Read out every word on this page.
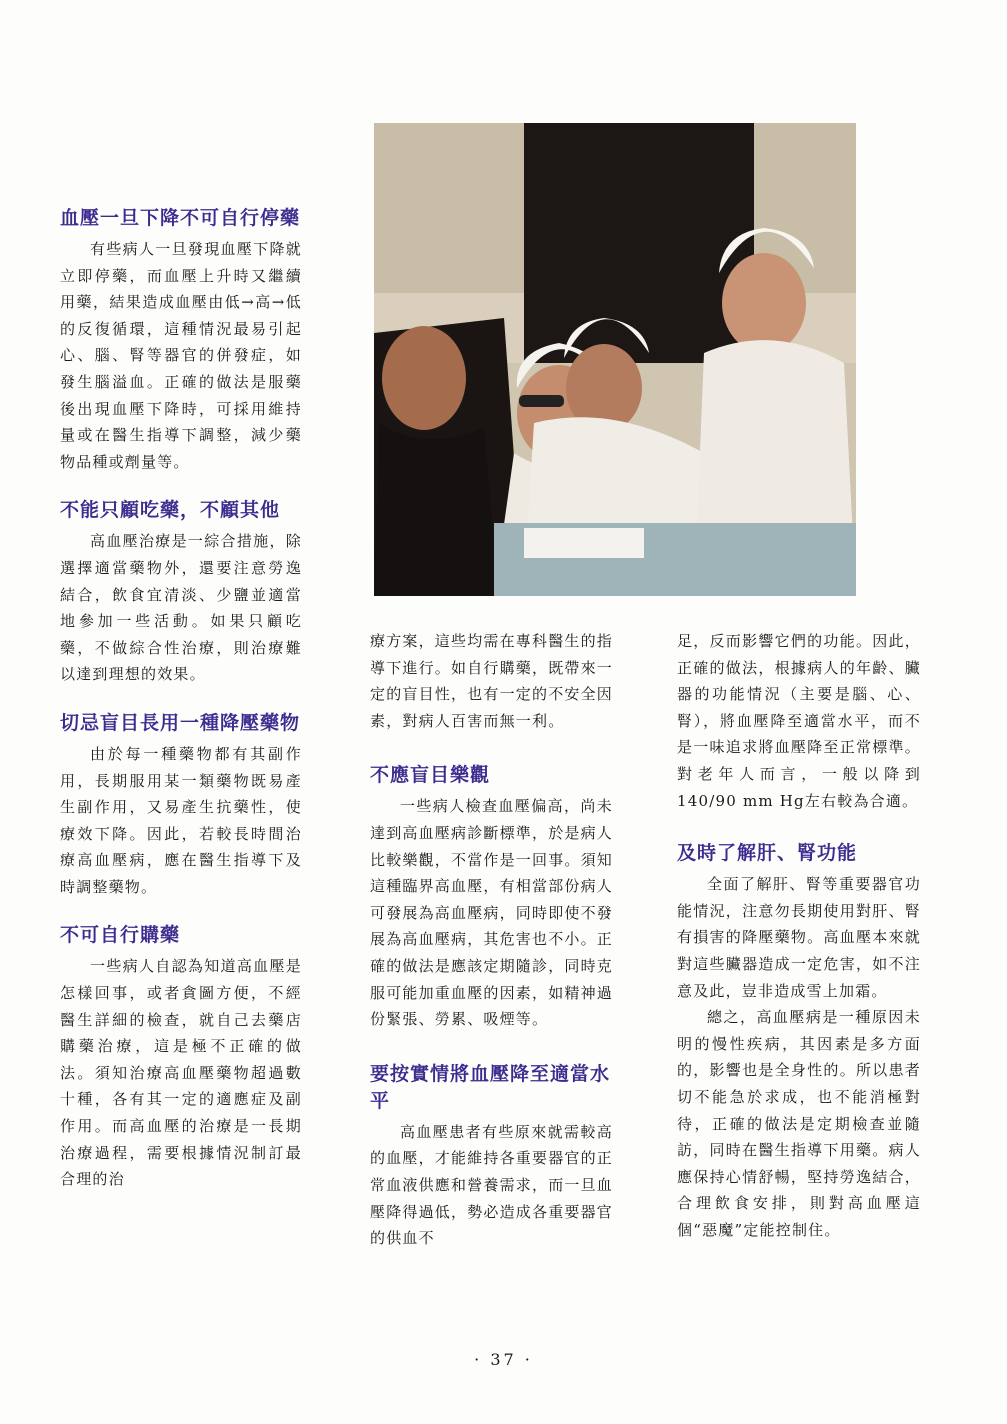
血壓一旦下降不可自行停藥

有些病人一旦發現血壓下降就立即停藥，而血壓上升時又繼續用藥，結果造成血壓由低→高→低的反復循環，這種情況最易引起心、腦、腎等器官的併發症，如發生腦溢血。正確的做法是服藥後出現血壓下降時，可採用維持量或在醫生指導下調整，減少藥物品種或劑量等。

不能只顧吃藥，不顧其他

高血壓治療是一綜合措施，除選擇適當藥物外，還要注意勞逸結合，飲食宜清淡、少鹽並適當地參加一些活動。如果只顧吃藥，不做綜合性治療，則治療難以達到理想的效果。

切忌盲目長用一種降壓藥物

由於每一種藥物都有其副作用，長期服用某一類藥物既易產生副作用，又易產生抗藥性，使療效下降。因此，若較長時間治療高血壓病，應在醫生指導下及時調整藥物。

不可自行購藥

一些病人自認為知道高血壓是怎樣回事，或者貪圖方便，不經醫生詳細的檢查，就自己去藥店購藥治療，這是極不正確的做法。須知治療高血壓藥物超過數十種，各有其一定的適應症及副作用。而高血壓的治療是一長期治療過程，需要根據情況制訂最合理的治

療方案，這些均需在專科醫生的指導下進行。如自行購藥，既帶來一定的盲目性，也有一定的不安全因素，對病人百害而無一利。

不應盲目樂觀

一些病人檢查血壓偏高，尚未達到高血壓病診斷標準，於是病人比較樂觀，不當作是一回事。須知這種臨界高血壓，有相當部份病人可發展為高血壓病，同時即使不發展為高血壓病，其危害也不小。正確的做法是應該定期隨診，同時克服可能加重血壓的因素，如精神過份緊張、勞累、吸煙等。

要按實情將血壓降至適當水平

高血壓患者有些原來就需較高的血壓，才能維持各重要器官的正常血液供應和營養需求，而一旦血壓降得過低，勢必造成各重要器官的供血不

足，反而影響它們的功能。因此，正確的做法，根據病人的年齡、臟器的功能情況（主要是腦、心、腎），將血壓降至適當水平，而不是一味追求將血壓降至正常標準。對老年人而言，一般以降到140/90 mm Hg左右較為合適。

及時了解肝、腎功能

全面了解肝、腎等重要器官功能情況，注意勿長期使用對肝、腎有損害的降壓藥物。高血壓本來就對這些臟器造成一定危害，如不注意及此，豈非造成雪上加霜。

總之，高血壓病是一種原因未明的慢性疾病，其因素是多方面的，影響也是全身性的。所以患者切不能急於求成，也不能消極對待，正確的做法是定期檢查並隨訪，同時在醫生指導下用藥。病人應保持心情舒暢，堅持勞逸結合，合理飲食安排，則對高血壓這個“惡魔”定能控制住。

· 37 ·
